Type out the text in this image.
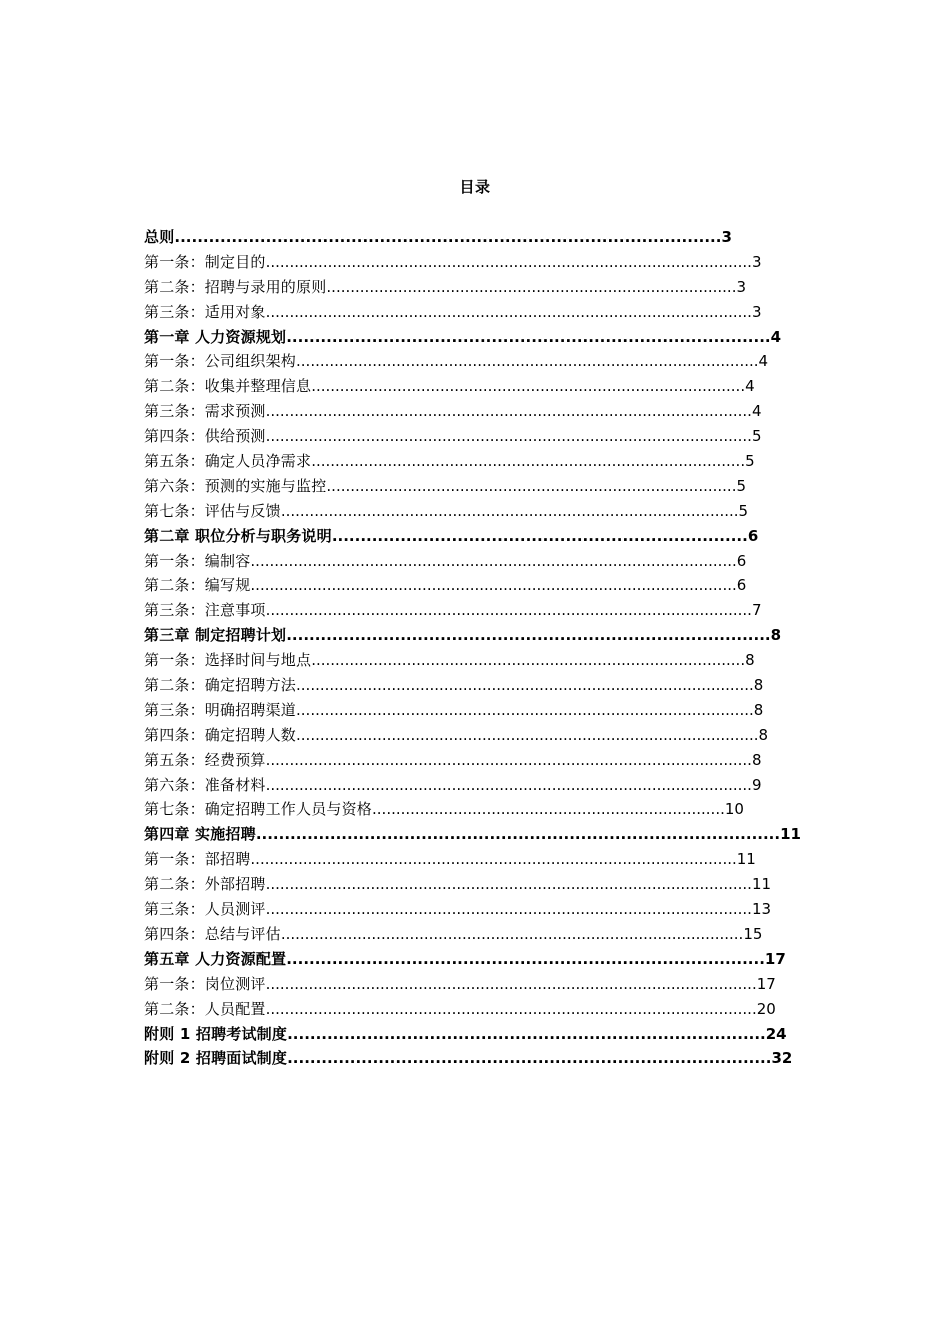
目录
总则................................................................................................3
第一条：制定目的......................................................................................................3
第二条：招聘与录用的原则......................................................................................3
第三条：适用对象......................................................................................................3
第一章 人力资源规划.....................................................................................4
第一条：公司组织架构.................................................................................................4
第二条：收集并整理信息...........................................................................................4
第三条：需求预测......................................................................................................4
第四条：供给预测......................................................................................................5
第五条：确定人员净需求...........................................................................................5
第六条：预测的实施与监控......................................................................................5
第七条：评估与反馈................................................................................................5
第二章 职位分析与职务说明.........................................................................6
第一条：编制容......................................................................................................6
第二条：编写规......................................................................................................6
第三条：注意事项......................................................................................................7
第三章 制定招聘计划.....................................................................................8
第一条：选择时间与地点...........................................................................................8
第二条：确定招聘方法................................................................................................8
第三条：明确招聘渠道................................................................................................8
第四条：确定招聘人数.................................................................................................8
第五条：经费预算......................................................................................................8
第六条：准备材料......................................................................................................9
第七条：确定招聘工作人员与资格..........................................................................10
第四章 实施招聘............................................................................................11
第一条：部招聘......................................................................................................11
第二条：外部招聘......................................................................................................11
第三条：人员测评......................................................................................................13
第四条：总结与评估.................................................................................................15
第五章 人力资源配置....................................................................................17
第一条：岗位测评.......................................................................................................17
第二条：人员配置.......................................................................................................20
附则 1 招聘考试制度....................................................................................24
附则 2 招聘面试制度.....................................................................................32
